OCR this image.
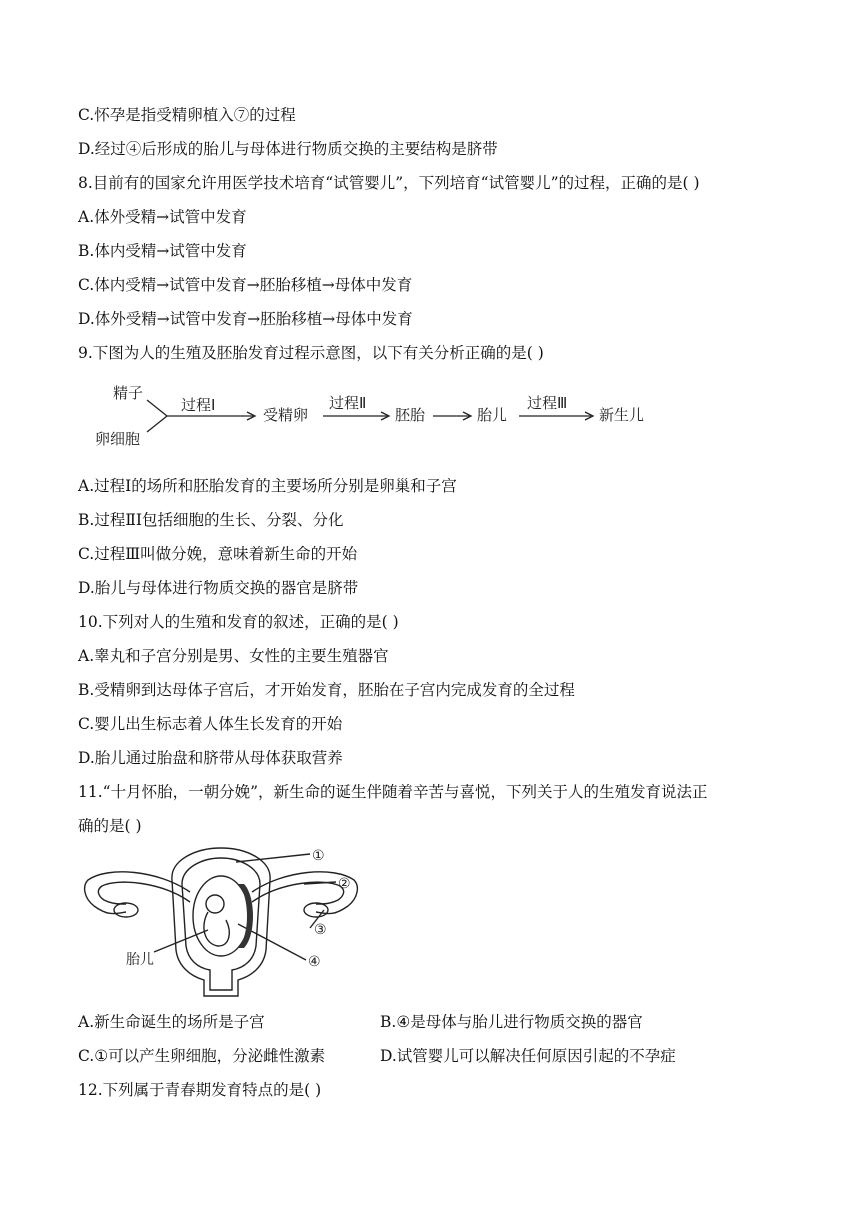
C.怀孕是指受精卵植入⑦的过程
D.经过④后形成的胎儿与母体进行物质交换的主要结构是脐带
8.目前有的国家允许用医学技术培育“试管婴儿”，下列培育“试管婴儿”的过程，正确的是( )
A.体外受精→试管中发育
B.体内受精→试管中发育
C.体内受精→试管中发育→胚胎移植→母体中发育
D.体外受精→试管中发育→胚胎移植→母体中发育
9.下图为人的生殖及胚胎发育过程示意图，以下有关分析正确的是( )
精子
卵细胞
过程Ⅰ
受精卵
过程Ⅱ
胚胎	胎儿
过程Ⅲ
新生儿
A.过程Ⅰ的场所和胚胎发育的主要场所分别是卵巢和子宫
B.过程ⅡI包括细胞的生长、分裂、分化
C.过程Ⅲ叫做分娩，意味着新生命的开始
D.胎儿与母体进行物质交换的器官是脐带
10.下列对人的生殖和发育的叙述，正确的是( )
A.睾丸和子宫分别是男、女性的主要生殖器官
B.受精卵到达母体子宫后，才开始发育，胚胎在子宫内完成发育的全过程
C.婴儿出生标志着人体生长发育的开始
D.胎儿通过胎盘和脐带从母体获取营养
11.“十月怀胎，一朝分娩”，新生命的诞生伴随着辛苦与喜悦，下列关于人的生殖发育说法正
确的是( )
①
②
③
④
胎儿
A.新生命诞生的场所是子宫	B.④是母体与胎儿进行物质交换的器官
C.①可以产生卵细胞，分泌雌性激素	D.试管婴儿可以解决任何原因引起的不孕症
12.下列属于青春期发育特点的是( )
